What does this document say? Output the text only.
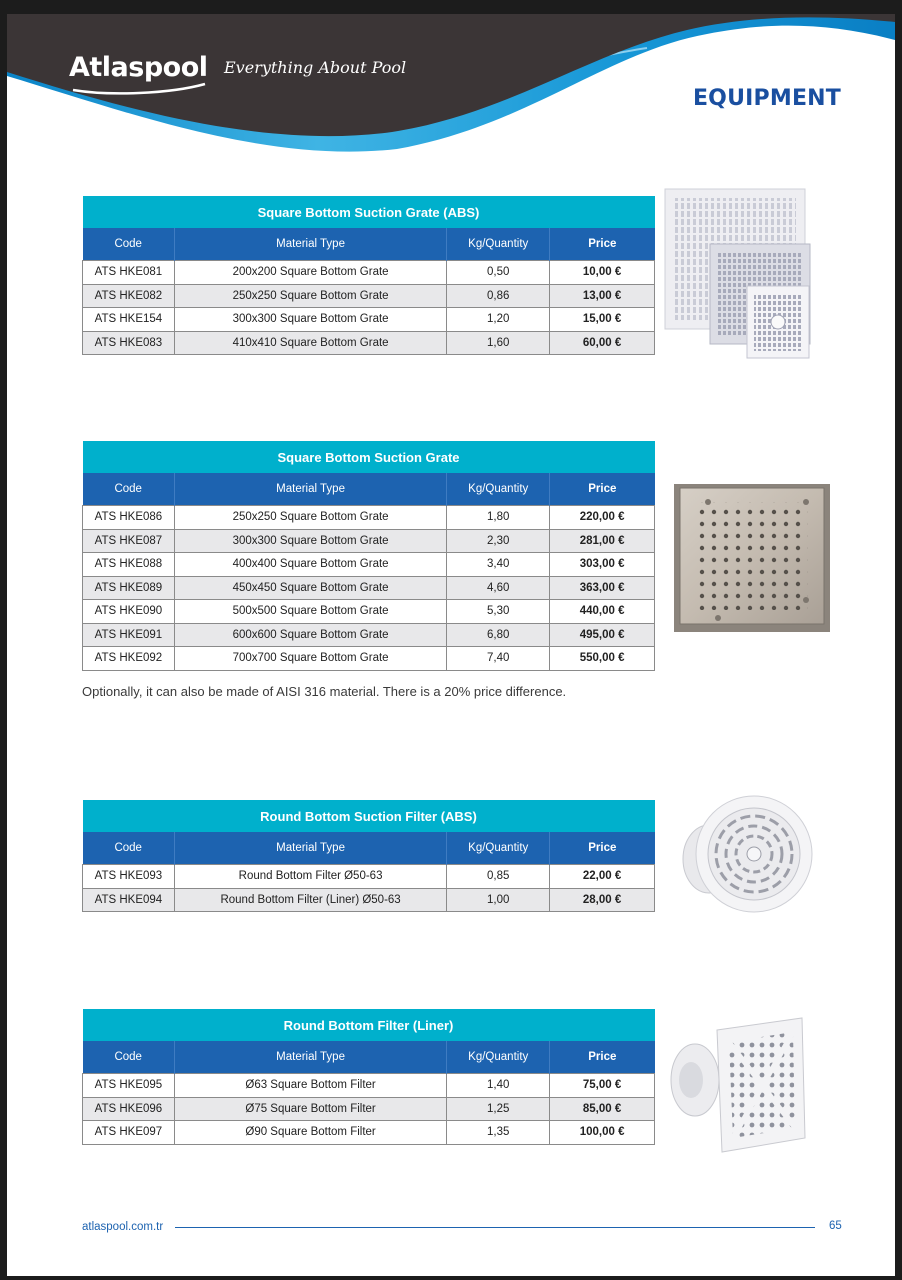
Atlaspool Everything About Pool
EQUIPMENT
Square Bottom Suction Grate (ABS)			
Code	Material Type	Kg/Quantity	Price
ATS HKE081	200x200 Square Bottom Grate	0,50	10,00 €
ATS HKE082	250x250 Square Bottom Grate	0,86	13,00 €
ATS HKE154	300x300 Square Bottom Grate	1,20	15,00 €
ATS HKE083	410x410 Square Bottom Grate	1,60	60,00 €
Square Bottom Suction Grate			
Code	Material Type	Kg/Quantity	Price
ATS HKE086	250x250 Square Bottom Grate	1,80	220,00 €
ATS HKE087	300x300 Square Bottom Grate	2,30	281,00 €
ATS HKE088	400x400 Square Bottom Grate	3,40	303,00 €
ATS HKE089	450x450 Square Bottom Grate	4,60	363,00 €
ATS HKE090	500x500 Square Bottom Grate	5,30	440,00 €
ATS HKE091	600x600 Square Bottom Grate	6,80	495,00 €
ATS HKE092	700x700 Square Bottom Grate	7,40	550,00 €
Optionally, it can also be made of AISI 316 material. There is a 20% price difference.
Round Bottom Suction Filter (ABS)			
Code	Material Type	Kg/Quantity	Price
ATS HKE093	Round Bottom Filter Ø50-63	0,85	22,00 €
ATS HKE094	Round Bottom Filter (Liner) Ø50-63	1,00	28,00 €
Round Bottom Filter (Liner)			
Code	Material Type	Kg/Quantity	Price
ATS HKE095	Ø63 Square Bottom Filter	1,40	75,00 €
ATS HKE096	Ø75 Square Bottom Filter	1,25	85,00 €
ATS HKE097	Ø90 Square Bottom Filter	1,35	100,00 €
atlaspool.com.tr	65
